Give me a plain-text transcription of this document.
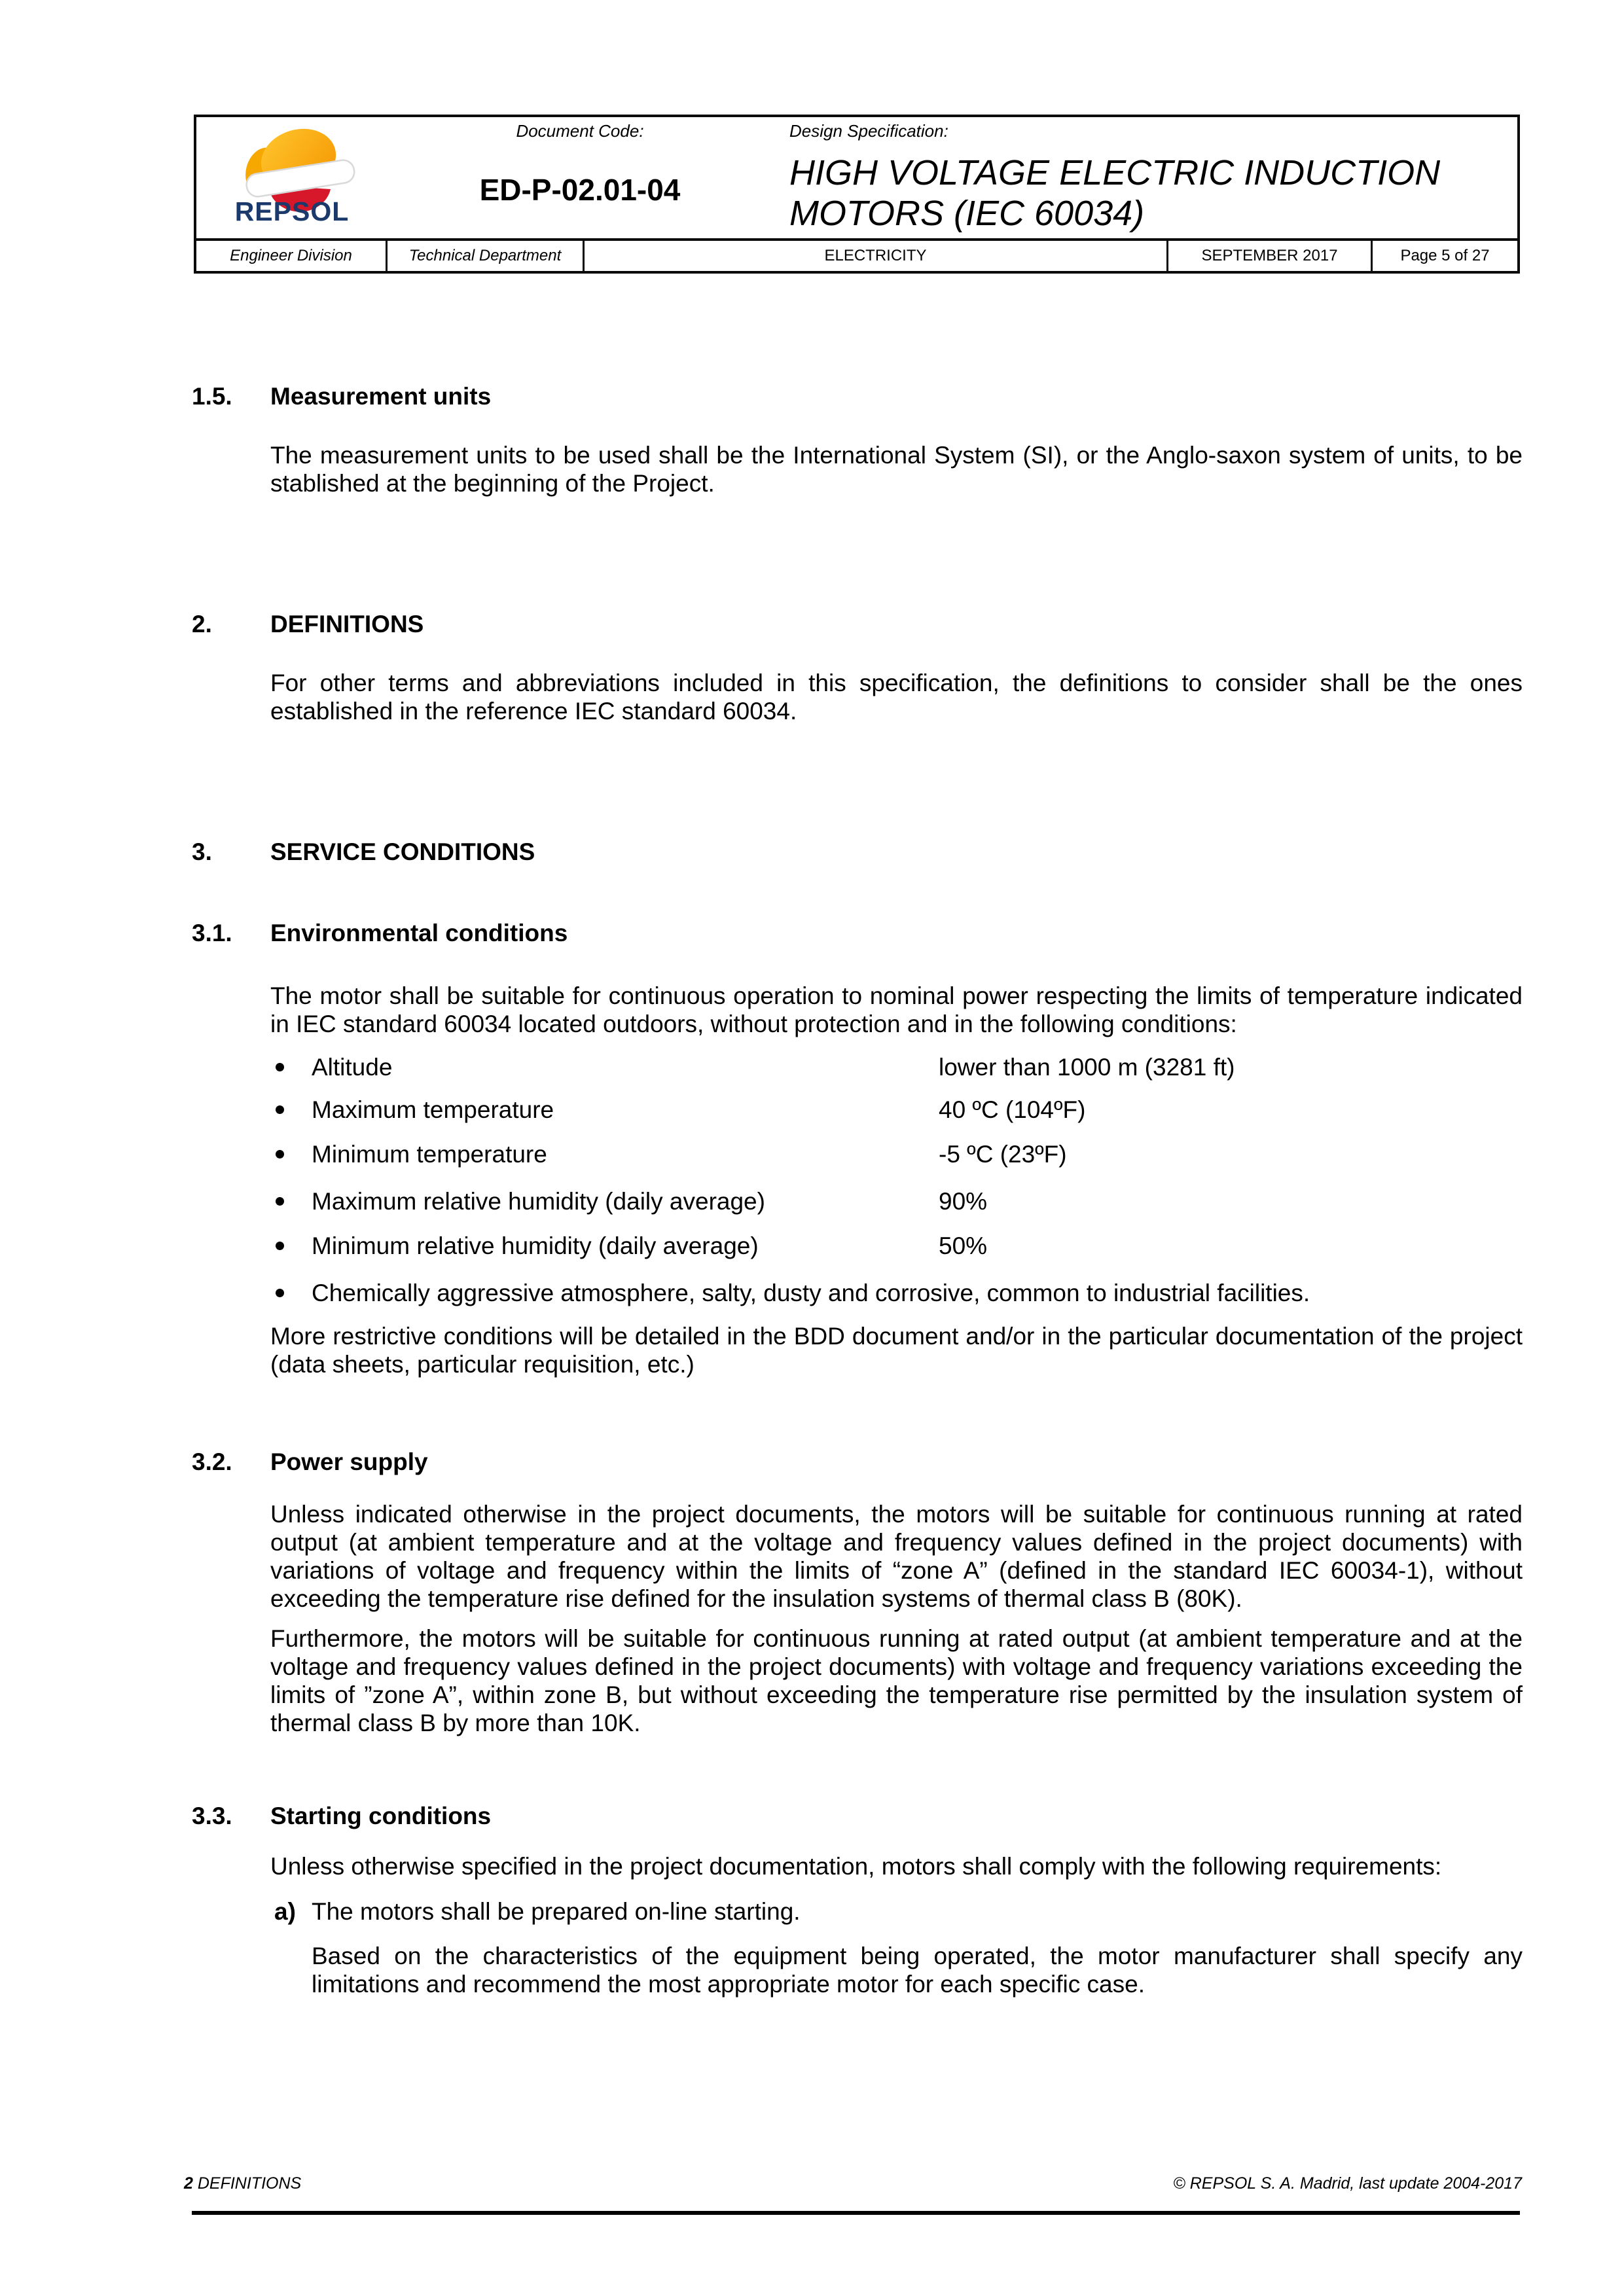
REPSOL
Document Code:
ED-P-02.01-04
Design Specification:
HIGH VOLTAGE ELECTRIC INDUCTION
MOTORS (IEC 60034)
Engineer Division	Technical Department	ELECTRICITY	SEPTEMBER 2017	Page 5 of 27
1.5. Measurement units
The measurement units to be used shall be the International System (SI), or the Anglo-saxon system of units, to be stablished at the beginning of the Project.
2. DEFINITIONS
For other terms and abbreviations included in this specification, the definitions to consider shall be the ones established in the reference IEC standard 60034.
3. SERVICE CONDITIONS
3.1. Environmental conditions
The motor shall be suitable for continuous operation to nominal power respecting the limits of temperature indicated in IEC standard 60034 located outdoors, without protection and in the following conditions:
Altitude	lower than 1000 m (3281 ft)
Maximum temperature	40 ºC (104ºF)
Minimum temperature	-5 ºC (23ºF)
Maximum relative humidity (daily average)	90%
Minimum relative humidity (daily average)	50%
Chemically aggressive atmosphere, salty, dusty and corrosive, common to industrial facilities.
More restrictive conditions will be detailed in the BDD document and/or in the particular documentation of the project (data sheets, particular requisition, etc.)
3.2. Power supply
Unless indicated otherwise in the project documents, the motors will be suitable for continuous running at rated output (at ambient temperature and at the voltage and frequency values defined in the project documents) with variations of voltage and frequency within the limits of “zone A” (defined in the standard IEC 60034-1), without exceeding the temperature rise defined for the insulation systems of thermal class B (80K).
Furthermore, the motors will be suitable for continuous running at rated output (at ambient temperature and at the voltage and frequency values defined in the project documents) with voltage and frequency variations exceeding the limits of ”zone A”, within zone B, but without exceeding the temperature rise permitted by the insulation system of thermal class B by more than 10K.
3.3. Starting conditions
Unless otherwise specified in the project documentation, motors shall comply with the following requirements:
a) The motors shall be prepared on-line starting.
Based on the characteristics of the equipment being operated, the motor manufacturer shall specify any limitations and recommend the most appropriate motor for each specific case.
2 DEFINITIONS	© REPSOL S. A. Madrid, last update 2004-2017
